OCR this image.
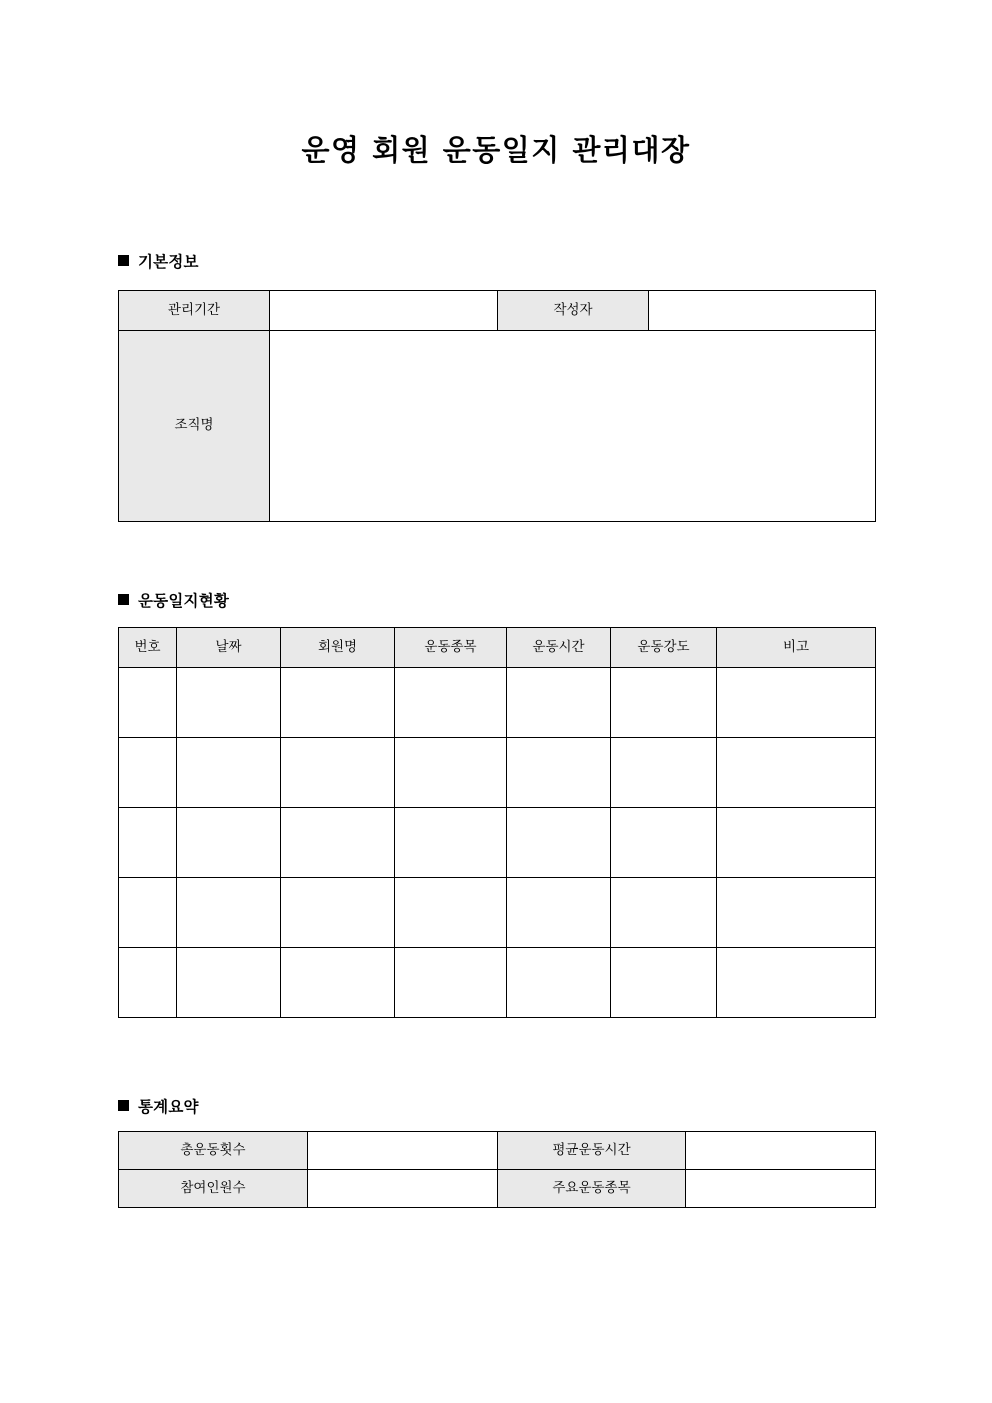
운영 회원 운동일지 관리대장
기본정보
관리기간		작성자	
조직명			
운동일지현황
번호	날짜	회원명	운동종목	운동시간	운동강도	비고

통계요약
총운동횟수		평균운동시간	
참여인원수		주요운동종목	
